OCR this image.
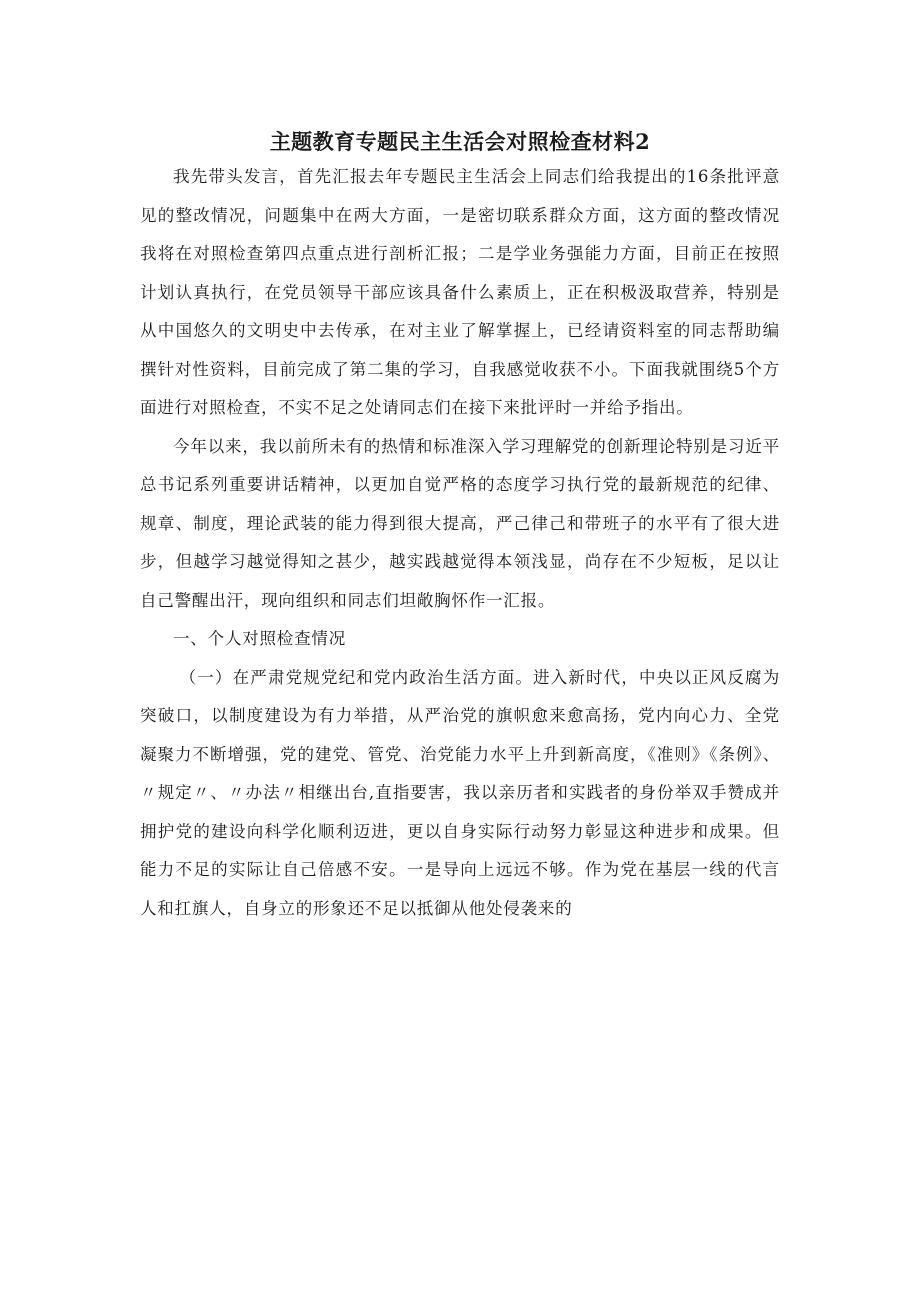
主题教育专题民主生活会对照检查材料2

我先带头发言，首先汇报去年专题民主生活会上同志们给我提出的16条批评意见的整改情况，问题集中在两大方面，一是密切联系群众方面，这方面的整改情况我将在对照检查第四点重点进行剖析汇报；二是学业务强能力方面，目前正在按照计划认真执行，在党员领导干部应该具备什么素质上，正在积极汲取营养，特别是从中国悠久的文明史中去传承，在对主业了解掌握上，已经请资料室的同志帮助编撰针对性资料，目前完成了第二集的学习，自我感觉收获不小。下面我就围绕5个方面进行对照检查，不实不足之处请同志们在接下来批评时一并给予指出。

今年以来，我以前所未有的热情和标准深入学习理解党的创新理论特别是习近平总书记系列重要讲话精神，以更加自觉严格的态度学习执行党的最新规范的纪律、规章、制度，理论武装的能力得到很大提高，严己律己和带班子的水平有了很大进步，但越学习越觉得知之甚少，越实践越觉得本领浅显，尚存在不少短板，足以让自己警醒出汗，现向组织和同志们坦敞胸怀作一汇报。

一、个人对照检查情况

（一）在严肃党规党纪和党内政治生活方面。进入新时代，中央以正风反腐为突破口，以制度建设为有力举措，从严治党的旗帜愈来愈高扬，党内向心力、全党凝聚力不断增强，党的建党、管党、治党能力水平上升到新高度，《准则》《条例》、〃规定〃、〃办法〃相继出台,直指要害，我以亲历者和实践者的身份举双手赞成并拥护党的建设向科学化顺利迈进，更以自身实际行动努力彰显这种进步和成果。但能力不足的实际让自己倍感不安。一是导向上远远不够。作为党在基层一线的代言人和扛旗人，自身立的形象还不足以抵御从他处侵袭来的
